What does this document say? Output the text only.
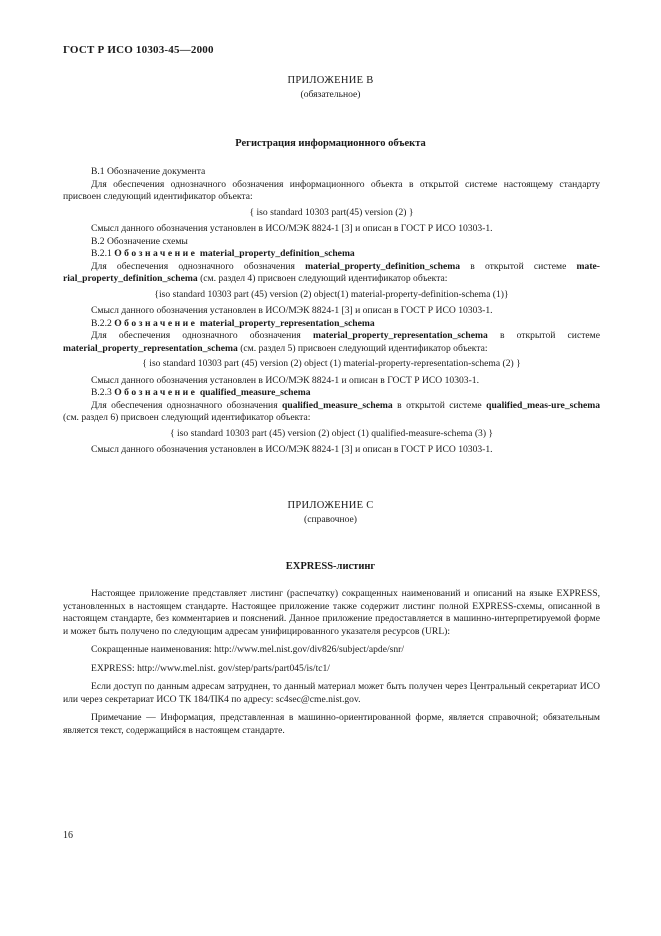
ГОСТ Р ИСО 10303-45—2000
ПРИЛОЖЕНИЕ В
(обязательное)
Регистрация информационного объекта

В.1 Обозначение документа

Для обеспечения однозначного обозначения информационного объекта в открытой системе настоящему стандарту присвоен следующий идентификатор объекта:

{ iso standard 10303 part(45) version (2) }

Смысл данного обозначения установлен в ИСО/МЭК 8824-1 [3] и описан в ГОСТ Р ИСО 10303-1.

В.2 Обозначение схемы

В.2.1 Обозначение material_property_definition_schema

Для обеспечения однозначного обозначения material_property_definition_schema в открытой системе mate-rial_property_definition_schema (см. раздел 4) присвоен следующий идентификатор объекта:

{iso standard 10303 part (45) version (2) object(1) material-property-definition-schema (1)}

Смысл данного обозначения установлен в ИСО/МЭК 8824-1 [3] и описан в ГОСТ Р ИСО 10303-1.

В.2.2 Обозначение material_property_representation_schema

Для обеспечения однозначного обозначения material_property_representation_schema в открытой системе material_property_representation_schema (см. раздел 5) присвоен следующий идентификатор объекта:

{ iso standard 10303 part (45) version (2) object (1) material-property-representation-schema (2) }

Смысл данного обозначения установлен в ИСО/МЭК 8824-1 и описан в ГОСТ Р ИСО 10303-1.

В.2.3 Обозначение qualified_measure_schema

Для обеспечения однозначного обозначения qualified_measure_schema в открытой системе qualified_meas-ure_schema (см. раздел 6) присвоен следующий идентификатор объекта:

{ iso standard 10303 part (45) version (2) object (1) qualified-measure-schema (3) }

Смысл данного обозначения установлен в ИСО/МЭК 8824-1 [3] и описан в ГОСТ Р ИСО 10303-1.

ПРИЛОЖЕНИЕ С
(справочное)
EXPRESS-листинг

Настоящее приложение представляет листинг (распечатку) сокращенных наименований и описаний на языке EXPRESS, установленных в настоящем стандарте. Настоящее приложение также содержит листинг полной EXPRESS-схемы, описанной в настоящем стандарте, без комментариев и пояснений. Данное приложение предоставляется в машинно-интерпретируемой форме и может быть получено по следующим адресам унифицированного указателя ресурсов (URL):

Сокращенные наименования: http://www.mel.nist.gov/div826/subject/apde/snr/

EXPRESS: http://www.mel.nist. gov/step/parts/part045/is/tc1/

Если доступ по данным адресам затруднен, то данный материал может быть получен через Центральный секретариат ИСО или через секретариат ИСО ТК 184/ПК4 по адресу: sc4sec@cme.nist.gov.

Примечание — Информация, представленная в машинно-ориентированной форме, является справочной; обязательным является текст, содержащийся в настоящем стандарте.

16
